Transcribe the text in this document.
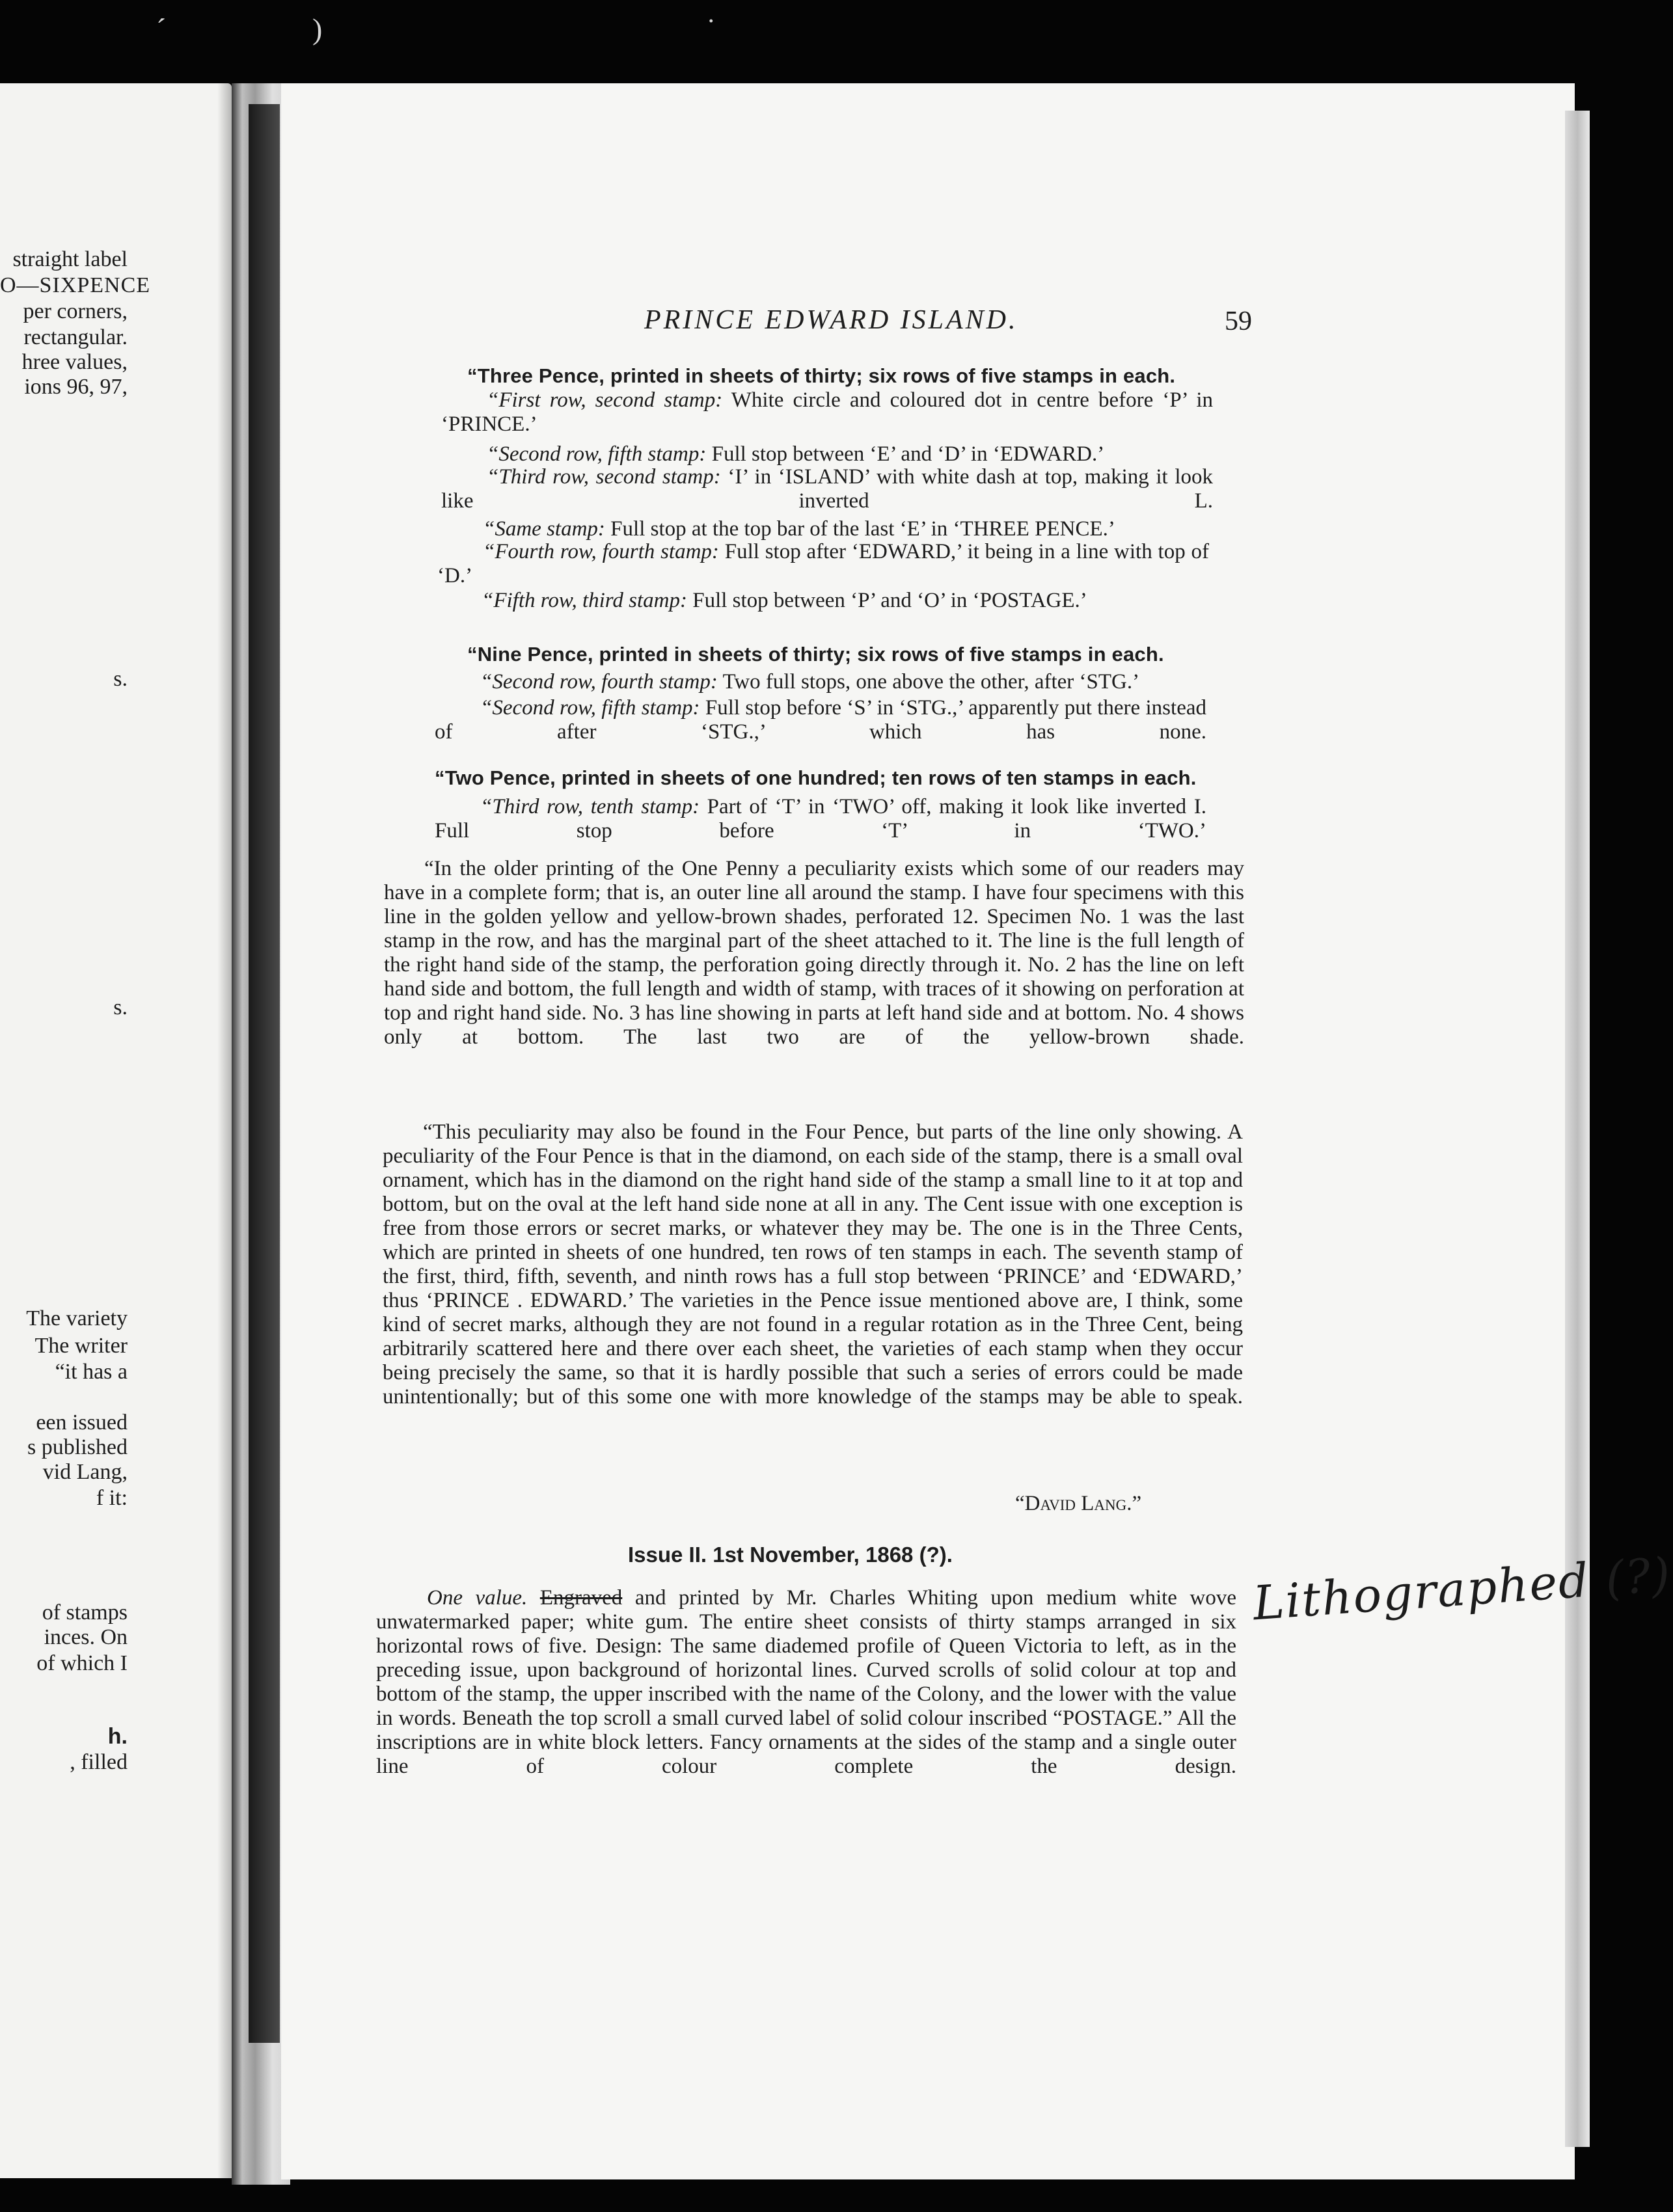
´	)	˙
straight label
O—SIXPENCE
per corners,
rectangular.
hree values,
ions 96, 97,
s.
s.
The variety
The writer
“it has a
een issued
s published
vid Lang,
f it:
of stamps
inces. On
of which I
h.
, filled
PRINCE EDWARD ISLAND.	59
“Three Pence, printed in sheets of thirty; six rows of five stamps in each.
“First row, second stamp: White circle and coloured dot in centre before ‘P’ in ‘PRINCE.’
“Second row, fifth stamp: Full stop between ‘E’ and ‘D’ in ‘EDWARD.’
“Third row, second stamp: ‘I’ in ‘ISLAND’ with white dash at top, making it look like inverted L.
“Same stamp: Full stop at the top bar of the last ‘E’ in ‘THREE PENCE.’
“Fourth row, fourth stamp: Full stop after ‘EDWARD,’ it being in a line with top of ‘D.’
“Fifth row, third stamp: Full stop between ‘P’ and ‘O’ in ‘POSTAGE.’
“Nine Pence, printed in sheets of thirty; six rows of five stamps in each.
“Second row, fourth stamp: Two full stops, one above the other, after ‘STG.’
“Second row, fifth stamp: Full stop before ‘S’ in ‘STG.,’ apparently put there instead of after ‘STG.,’ which has none.
“Two Pence, printed in sheets of one hundred; ten rows of ten stamps in each.
“Third row, tenth stamp: Part of ‘T’ in ‘TWO’ off, making it look like inverted I. Full stop before ‘T’ in ‘TWO.’
“In the older printing of the One Penny a peculiarity exists which some of our readers may have in a complete form; that is, an outer line all around the stamp. I have four specimens with this line in the golden yellow and yellow-brown shades, perforated 12. Specimen No. 1 was the last stamp in the row, and has the marginal part of the sheet attached to it. The line is the full length of the right hand side of the stamp, the perforation going directly through it. No. 2 has the line on left hand side and bottom, the full length and width of stamp, with traces of it showing on perforation at top and right hand side. No. 3 has line showing in parts at left hand side and at bottom. No. 4 shows only at bottom. The last two are of the yellow-brown shade.
“This peculiarity may also be found in the Four Pence, but parts of the line only showing. A peculiarity of the Four Pence is that in the diamond, on each side of the stamp, there is a small oval ornament, which has in the diamond on the right hand side of the stamp a small line to it at top and bottom, but on the oval at the left hand side none at all in any. The Cent issue with one exception is free from those errors or secret marks, or whatever they may be. The one is in the Three Cents, which are printed in sheets of one hundred, ten rows of ten stamps in each. The seventh stamp of the first, third, fifth, seventh, and ninth rows has a full stop between ‘PRINCE’ and ‘EDWARD,’ thus ‘PRINCE . EDWARD.’ The varieties in the Pence issue mentioned above are, I think, some kind of secret marks, although they are not found in a regular rotation as in the Three Cent, being arbitrarily scattered here and there over each sheet, the varieties of each stamp when they occur being precisely the same, so that it is hardly possible that such a series of errors could be made unintentionally; but of this some one with more knowledge of the stamps may be able to speak.
“David Lang.”
Issue II. 1st November, 1868 (?).
One value. Engraved and printed by Mr. Charles Whiting upon medium white wove unwatermarked paper; white gum. The entire sheet consists of thirty stamps arranged in six horizontal rows of five. Design: The same diademed profile of Queen Victoria to left, as in the preceding issue, upon background of horizontal lines. Curved scrolls of solid colour at top and bottom of the stamp, the upper inscribed with the name of the Colony, and the lower with the value in words. Beneath the top scroll a small curved label of solid colour inscribed “POSTAGE.” All the inscriptions are in white block letters. Fancy ornaments at the sides of the stamp and a single outer line of colour complete the design.
Lithographed (?)
